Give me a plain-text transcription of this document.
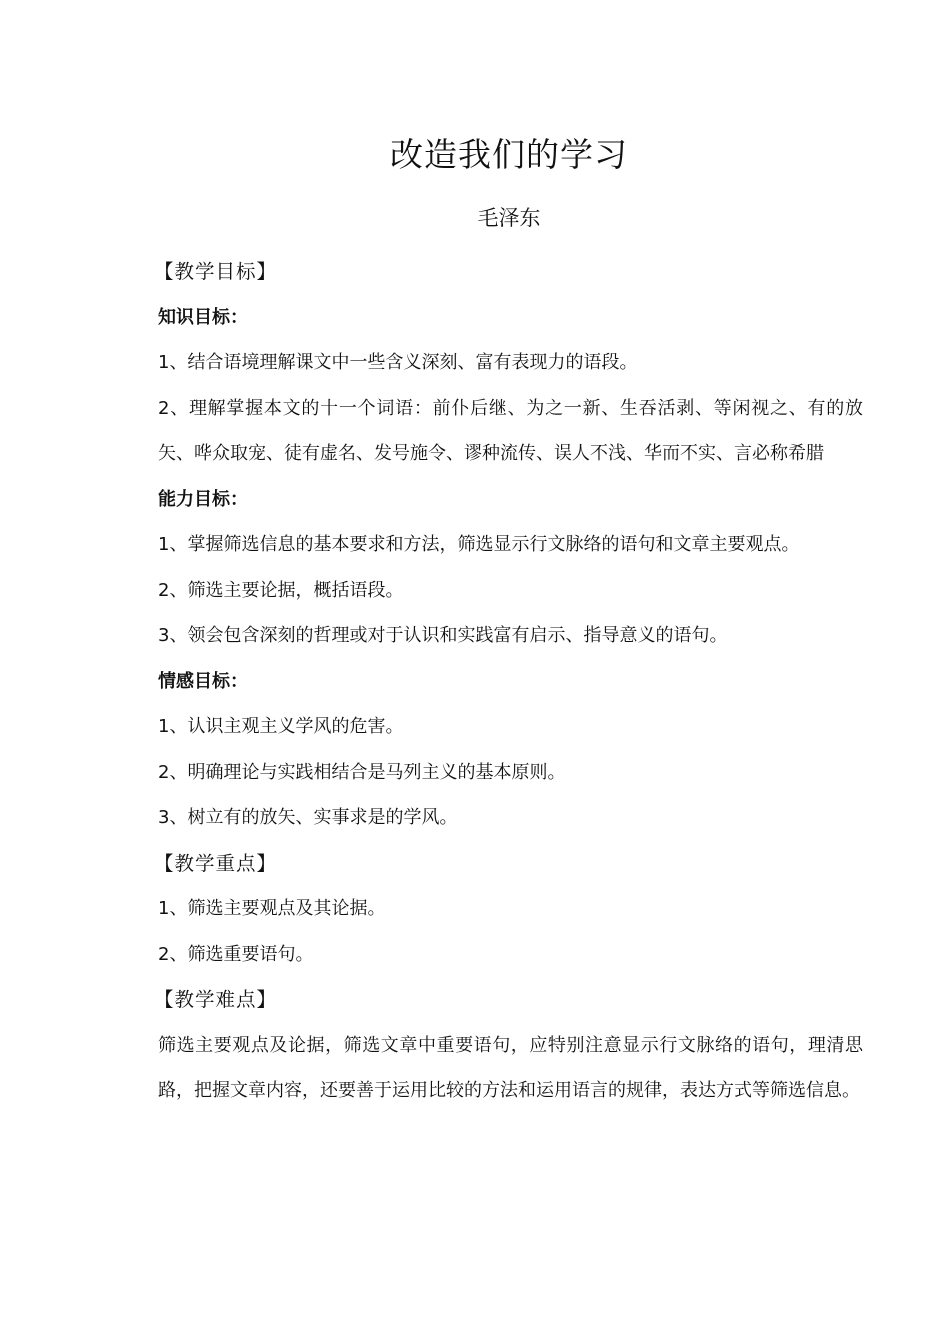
改造我们的学习
毛泽东
【教学目标】
知识目标：
1、结合语境理解课文中一些含义深刻、富有表现力的语段。
2、理解掌握本文的十一个词语：前仆后继、为之一新、生吞活剥、等闲视之、有的放矢、哗众取宠、徒有虚名、发号施令、谬种流传、误人不浅、华而不实、言必称希腊
能力目标：
1、掌握筛选信息的基本要求和方法，筛选显示行文脉络的语句和文章主要观点。
2、筛选主要论据，概括语段。
3、领会包含深刻的哲理或对于认识和实践富有启示、指导意义的语句。
情感目标：
1、认识主观主义学风的危害。
2、明确理论与实践相结合是马列主义的基本原则。
3、树立有的放矢、实事求是的学风。
【教学重点】
1、筛选主要观点及其论据。
2、筛选重要语句。
【教学难点】
筛选主要观点及论据，筛选文章中重要语句，应特别注意显示行文脉络的语句，理清思路，把握文章内容，还要善于运用比较的方法和运用语言的规律，表达方式等筛选信息。
